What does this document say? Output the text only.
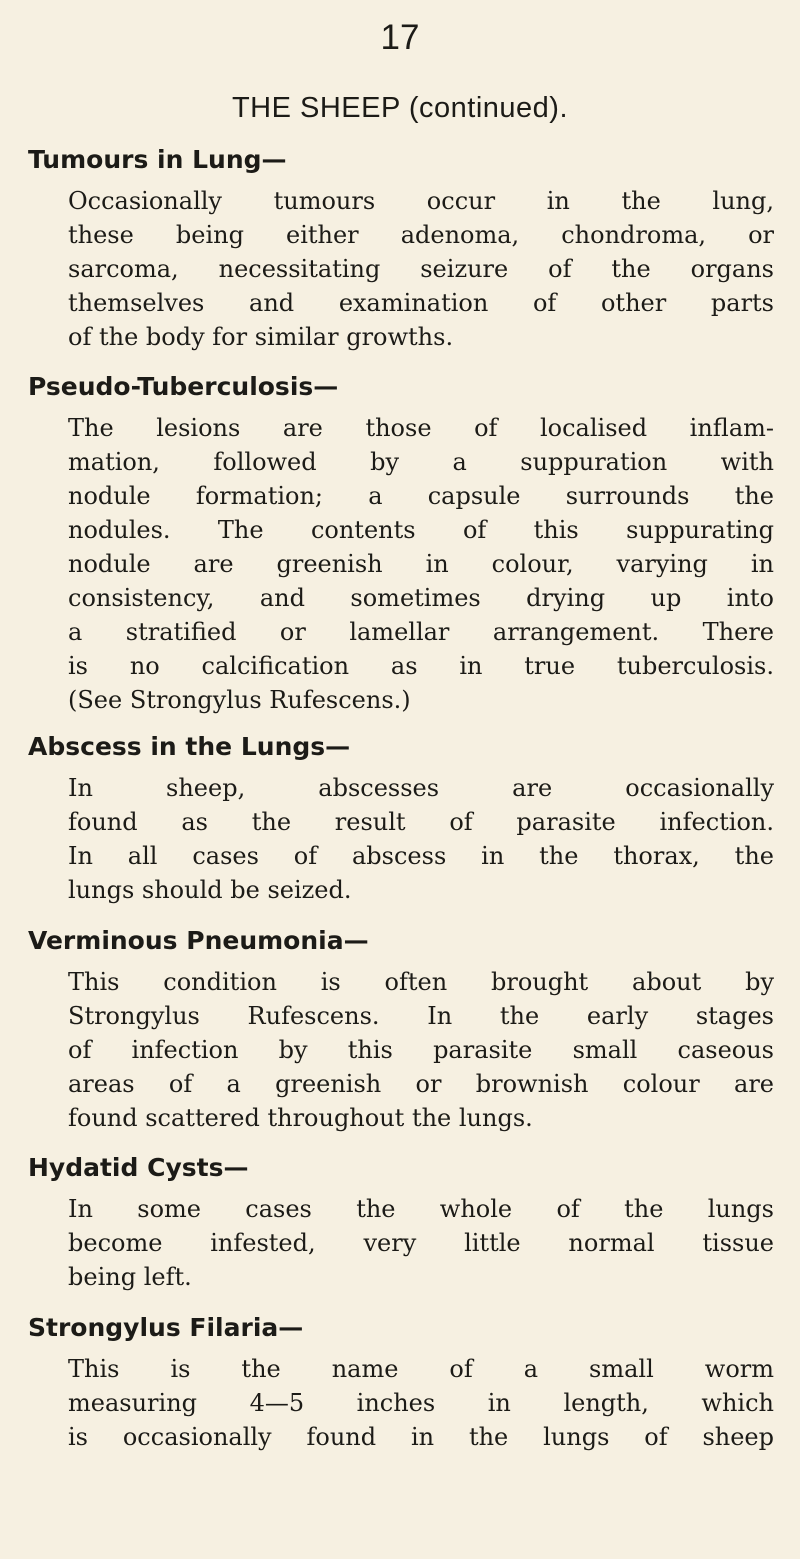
17
THE SHEEP (continued).
Tumours in Lung—
Occasionally tumours occur in the lung,
these being either adenoma, chondroma, or
sarcoma, necessitating seizure of the organs
themselves and examination of other parts
of the body for similar growths.
Pseudo-Tuberculosis—
The lesions are those of localised inflam-
mation, followed by a suppuration with
nodule formation; a capsule surrounds the
nodules. The contents of this suppurating
nodule are greenish in colour, varying in
consistency, and sometimes drying up into
a stratified or lamellar arrangement. There
is no calcification as in true tuberculosis.
(See Strongylus Rufescens.)
Abscess in the Lungs—
In sheep, abscesses are occasionally
found as the result of parasite infection.
In all cases of abscess in the thorax, the
lungs should be seized.
Verminous Pneumonia—
This condition is often brought about by
Strongylus Rufescens. In the early stages
of infection by this parasite small caseous
areas of a greenish or brownish colour are
found scattered throughout the lungs.
Hydatid Cysts—
In some cases the whole of the lungs
become infested, very little normal tissue
being left.
Strongylus Filaria—
This is the name of a small worm
measuring 4—5 inches in length, which
is occasionally found in the lungs of sheep
